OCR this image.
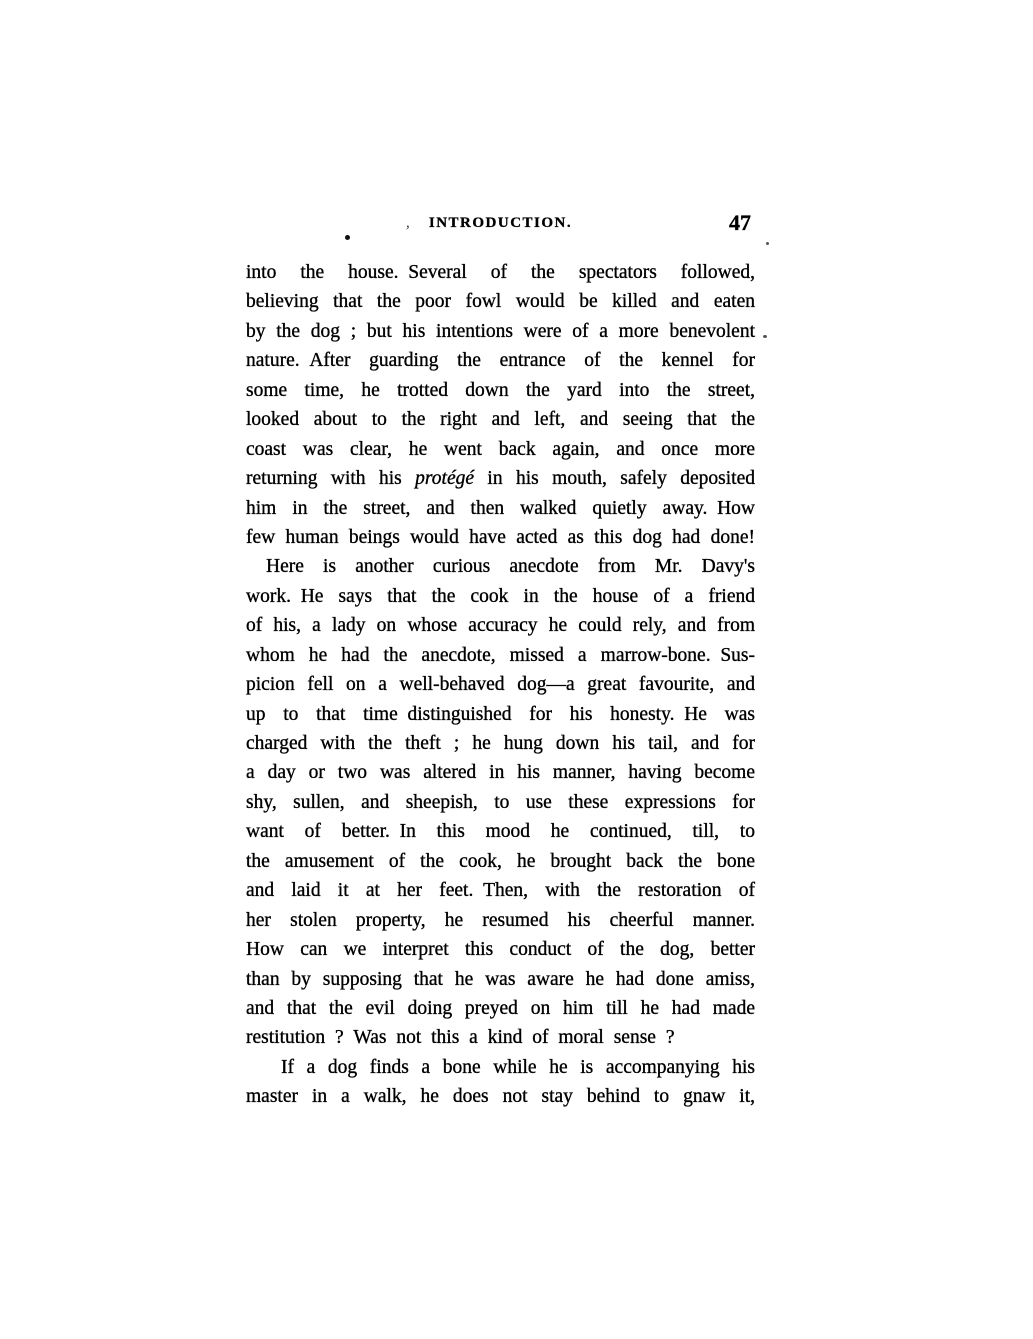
,	INTRODUCTION.	47
into the house. Several of the spectators followed,
believing that the poor fowl would be killed and eaten
by the dog ; but his intentions were of a more benevolent
nature. After guarding the entrance of the kennel for
some time, he trotted down the yard into the street,
looked about to the right and left, and seeing that the
coast was clear, he went back again, and once more
returning with his protégé in his mouth, safely deposited
him in the street, and then walked quietly away. How
few human beings would have acted as this dog had done!
Here is another curious anecdote from Mr. Davy's
work. He says that the cook in the house of a friend
of his, a lady on whose accuracy he could rely, and from
whom he had the anecdote, missed a marrow-bone. Sus-
picion fell on a well-behaved dog—a great favourite, and
up to that time distinguished for his honesty. He was
charged with the theft ; he hung down his tail, and for
a day or two was altered in his manner, having become
shy, sullen, and sheepish, to use these expressions for
want of better. In this mood he continued, till, to
the amusement of the cook, he brought back the bone
and laid it at her feet. Then, with the restoration of
her stolen property, he resumed his cheerful manner.
How can we interpret this conduct of the dog, better
than by supposing that he was aware he had done amiss,
and that the evil doing preyed on him till he had made
restitution ? Was not this a kind of moral sense ?
If a dog finds a bone while he is accompanying his
master in a walk, he does not stay behind to gnaw it,
